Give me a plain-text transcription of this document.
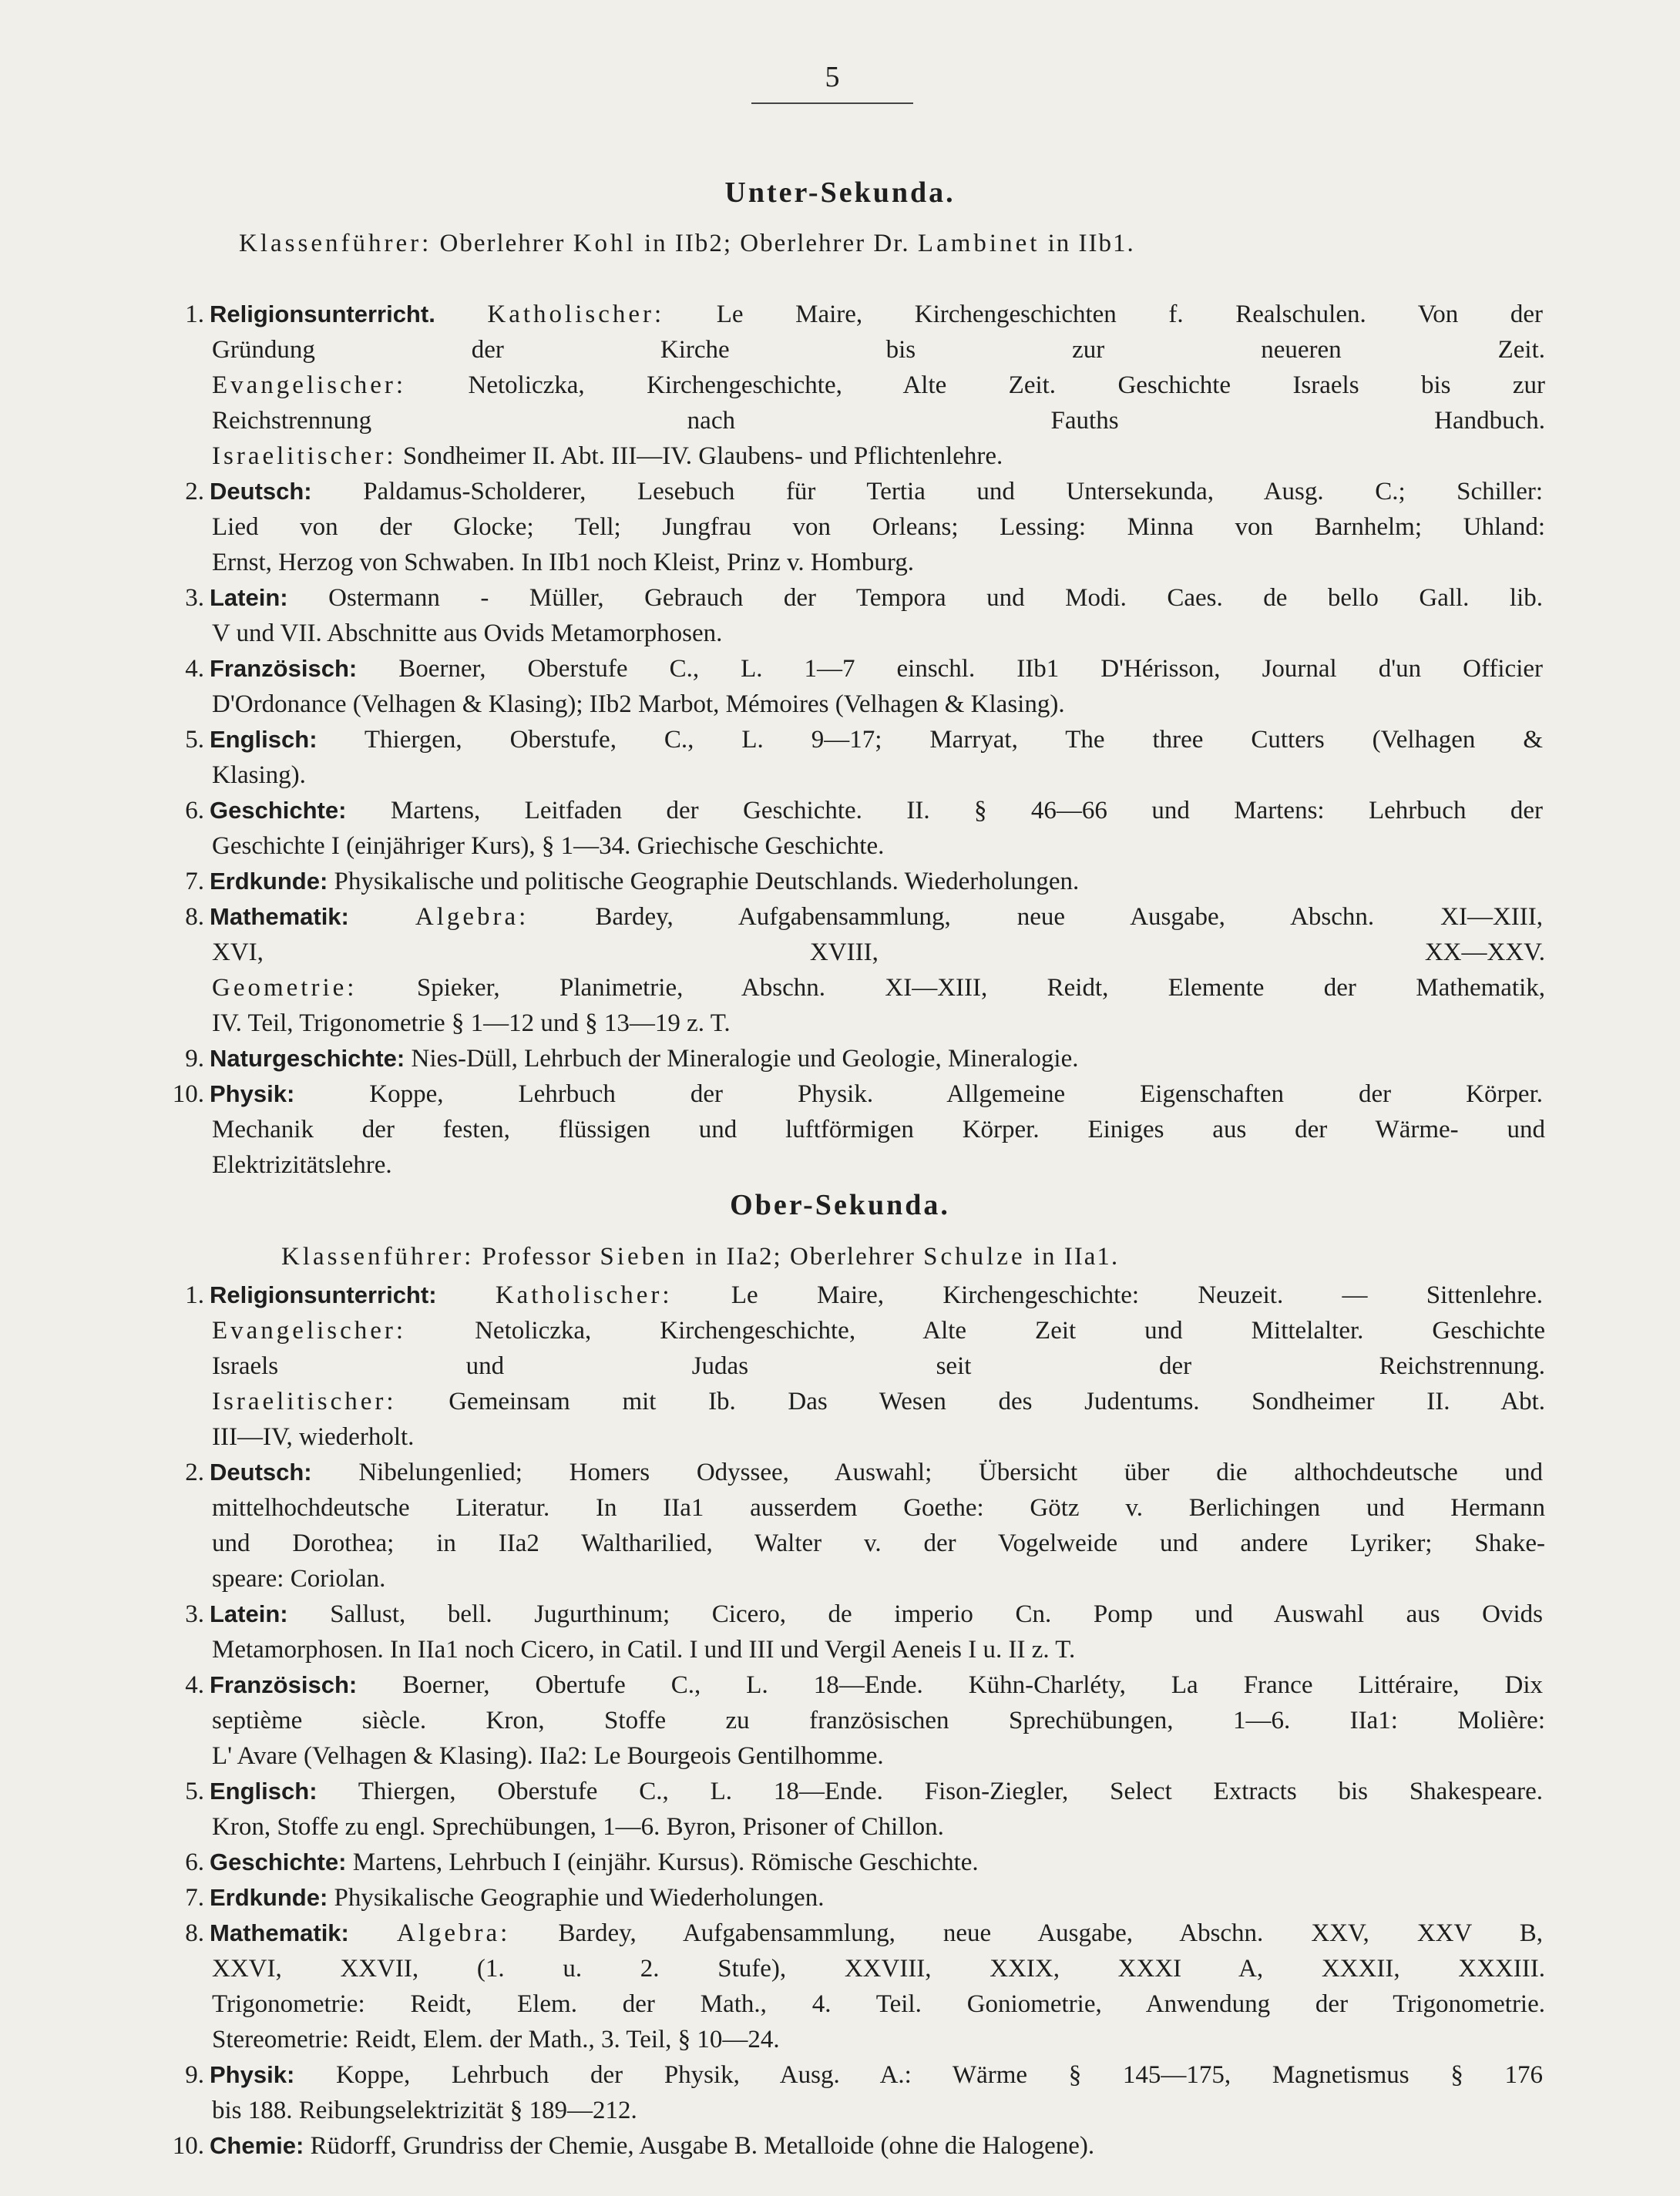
5
Unter-Sekunda.
Klassenführer: Oberlehrer Kohl in IIb2; Oberlehrer Dr. Lambinet in IIb1.
1. Religionsunterricht. Katholischer: Le Maire, Kirchengeschichten f. Realschulen. Von der
Gründung der Kirche bis zur neueren Zeit.
Evangelischer: Netoliczka, Kirchengeschichte, Alte Zeit. Geschichte Israels bis zur
Reichstrennung nach Fauths Handbuch.
Israelitischer: Sondheimer II. Abt. III—IV. Glaubens- und Pflichtenlehre.
2. Deutsch: Paldamus-Scholderer, Lesebuch für Tertia und Untersekunda, Ausg. C.; Schiller:
Lied von der Glocke; Tell; Jungfrau von Orleans; Lessing: Minna von Barnhelm; Uhland:
Ernst, Herzog von Schwaben. In IIb1 noch Kleist, Prinz v. Homburg.
3. Latein: Ostermann - Müller, Gebrauch der Tempora und Modi. Caes. de bello Gall. lib.
V und VII. Abschnitte aus Ovids Metamorphosen.
4. Französisch: Boerner, Oberstufe C., L. 1—7 einschl. IIb1 D'Hérisson, Journal d'un Officier
D'Ordonance (Velhagen & Klasing); IIb2 Marbot, Mémoires (Velhagen & Klasing).
5. Englisch: Thiergen, Oberstufe, C., L. 9—17; Marryat, The three Cutters (Velhagen &
Klasing).
6. Geschichte: Martens, Leitfaden der Geschichte. II. § 46—66 und Martens: Lehrbuch der
Geschichte I (einjähriger Kurs), § 1—34. Griechische Geschichte.
7. Erdkunde: Physikalische und politische Geographie Deutschlands. Wiederholungen.
8. Mathematik:	Algebra:	Bardey, Aufgabensammlung, neue Ausgabe, Abschn. XI—XIII,
XVI, XVIII, XX—XXV.
Geometrie: Spieker, Planimetrie, Abschn. XI—XIII, Reidt, Elemente der Mathematik,
IV. Teil, Trigonometrie § 1—12 und § 13—19 z. T.
9. Naturgeschichte: Nies-Düll, Lehrbuch der Mineralogie und Geologie, Mineralogie.
10. Physik:	Koppe, Lehrbuch der Physik. Allgemeine Eigenschaften der Körper.
Mechanik der festen, flüssigen und luftförmigen Körper. Einiges aus der Wärme- und
Elektrizitätslehre.
Ober-Sekunda.
Klassenführer: Professor Sieben in IIa2; Oberlehrer Schulze in IIa1.
1. Religionsunterricht: Katholischer: Le Maire, Kirchengeschichte: Neuzeit. — Sittenlehre.
Evangelischer:	Netoliczka, Kirchengeschichte, Alte Zeit und Mittelalter. Geschichte
Israels und Judas seit der Reichstrennung.
Israelitischer: Gemeinsam mit Ib. Das Wesen des Judentums. Sondheimer II. Abt.
III—IV, wiederholt.
2. Deutsch: Nibelungenlied; Homers Odyssee, Auswahl; Übersicht über die althochdeutsche und
mittelhochdeutsche Literatur. In IIa1 ausserdem Goethe: Götz v. Berlichingen und Hermann
und Dorothea; in IIa2 Waltharilied, Walter v. der Vogelweide und andere Lyriker; Shake-
speare: Coriolan.
3. Latein: Sallust, bell. Jugurthinum; Cicero, de imperio Cn. Pomp und Auswahl aus Ovids
Metamorphosen. In IIa1 noch Cicero, in Catil. I und III und Vergil Aeneis I u. II z. T.
4. Französisch: Boerner, Obertufe C., L. 18—Ende. Kühn-Charléty, La France Littéraire, Dix
septième siècle. Kron, Stoffe zu französischen Sprechübungen, 1—6. IIa1: Molière:
L' Avare (Velhagen & Klasing). IIa2: Le Bourgeois Gentilhomme.
5. Englisch: Thiergen, Oberstufe C., L. 18—Ende. Fison-Ziegler, Select Extracts bis Shakespeare.
Kron, Stoffe zu engl. Sprechübungen, 1—6. Byron, Prisoner of Chillon.
6. Geschichte: Martens, Lehrbuch I (einjähr. Kursus). Römische Geschichte.
7. Erdkunde: Physikalische Geographie und Wiederholungen.
8. Mathematik: Algebra: Bardey, Aufgabensammlung, neue Ausgabe, Abschn. XXV, XXV B,
XXVI, XXVII, (1. u. 2. Stufe), XXVIII, XXIX, XXXI A, XXXII, XXXIII.
Trigonometrie: Reidt, Elem. der Math., 4. Teil. Goniometrie, Anwendung der Trigonometrie.
Stereometrie: Reidt, Elem. der Math., 3. Teil, § 10—24.
9. Physik: Koppe, Lehrbuch der Physik, Ausg. A.: Wärme § 145—175, Magnetismus § 176
bis 188. Reibungselektrizität § 189—212.
10. Chemie: Rüdorff, Grundriss der Chemie, Ausgabe B. Metalloide (ohne die Halogene).
